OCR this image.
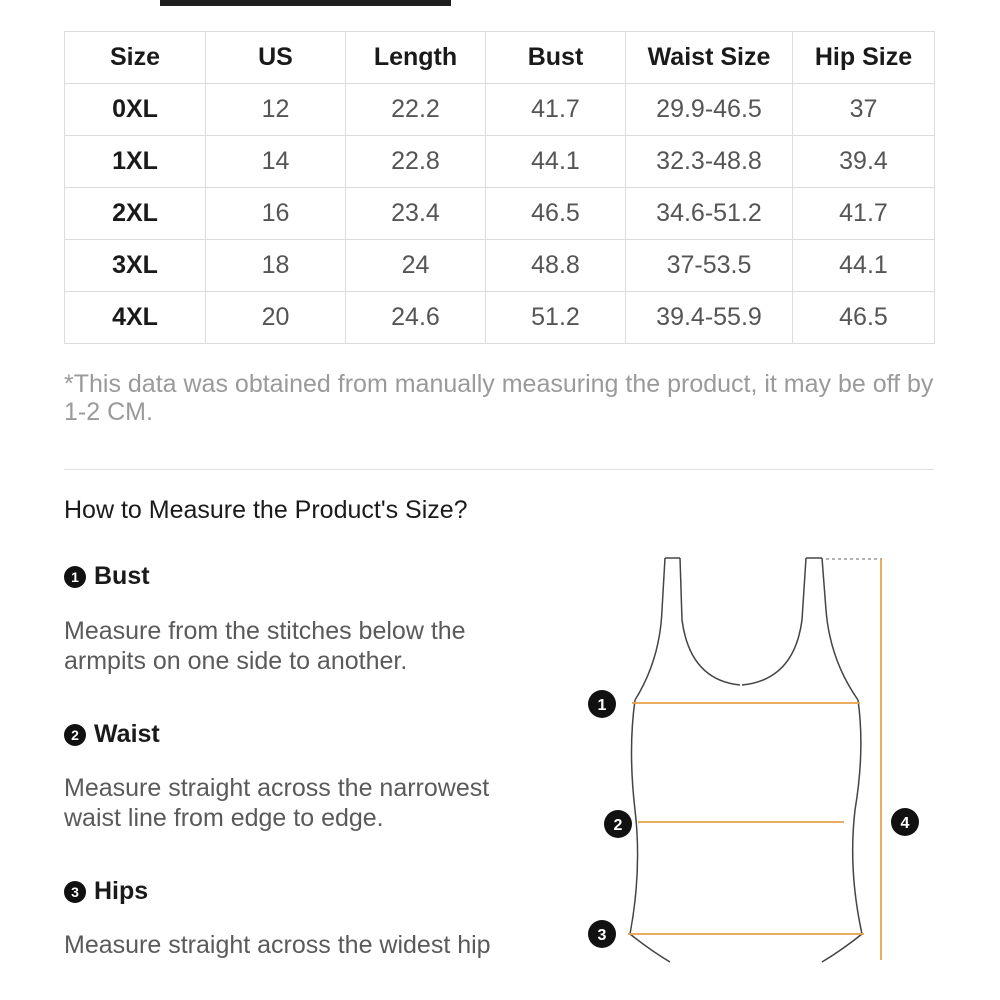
Size	US	Length	Bust	Waist Size	Hip Size
0XL	12	22.2	41.7	29.9-46.5	37
1XL	14	22.8	44.1	32.3-48.8	39.4
2XL	16	23.4	46.5	34.6-51.2	41.7
3XL	18	24	48.8	37-53.5	44.1
4XL	20	24.6	51.2	39.4-55.9	46.5
*This data was obtained from manually measuring the product, it may be off by 1-2 CM.
How to Measure the Product's Size?
1 Bust
Measure from the stitches below the armpits on one side to another.
2 Waist
Measure straight across the narrowest waist line from edge to edge.
3 Hips
Measure straight across the widest hip
1
2
3
4
